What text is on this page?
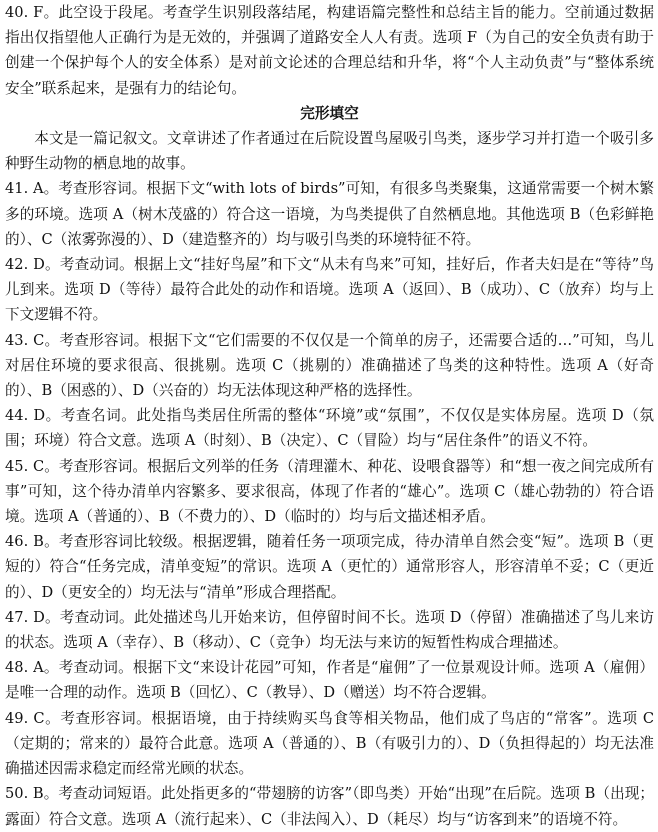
40. F。此空设于段尾。考查学生识别段落结尾，构建语篇完整性和总结主旨的能力。空前通过数据指出仅指望他人正确行为是无效的，并强调了道路安全人人有责。选项 F（为自己的安全负责有助于创建一个保护每个人的安全体系）是对前文论述的合理总结和升华，将“个人主动负责”与“整体系统安全”联系起来，是强有力的结论句。

完形填空

本文是一篇记叙文。文章讲述了作者通过在后院设置鸟屋吸引鸟类，逐步学习并打造一个吸引多种野生动物的栖息地的故事。

41. A。考查形容词。根据下文“with lots of birds”可知，有很多鸟类聚集，这通常需要一个树木繁多的环境。选项 A（树木茂盛的）符合这一语境，为鸟类提供了自然栖息地。其他选项 B（色彩鲜艳的）、C（浓雾弥漫的）、D（建造整齐的）均与吸引鸟类的环境特征不符。

42. D。考查动词。根据上文“挂好鸟屋”和下文“从未有鸟来”可知，挂好后，作者夫妇是在“等待”鸟儿到来。选项 D（等待）最符合此处的动作和语境。选项 A（返回）、B（成功）、C（放弃）均与上下文逻辑不符。

43. C。考查形容词。根据下文“它们需要的不仅仅是一个简单的房子，还需要合适的…”可知，鸟儿对居住环境的要求很高、很挑剔。选项 C（挑剔的）准确描述了鸟类的这种特性。选项 A（好奇的）、B（困惑的）、D（兴奋的）均无法体现这种严格的选择性。

44. D。考查名词。此处指鸟类居住所需的整体“环境”或“氛围”，不仅仅是实体房屋。选项 D（氛围；环境）符合文意。选项 A（时刻）、B（决定）、C（冒险）均与“居住条件”的语义不符。

45. C。考查形容词。根据后文列举的任务（清理灌木、种花、设喂食器等）和“想一夜之间完成所有事”可知，这个待办清单内容繁多、要求很高，体现了作者的“雄心”。选项 C（雄心勃勃的）符合语境。选项 A（普通的）、B（不费力的）、D（临时的）均与后文描述相矛盾。

46. B。考查形容词比较级。根据逻辑，随着任务一项项完成，待办清单自然会变“短”。选项 B（更短的）符合“任务完成，清单变短”的常识。选项 A（更忙的）通常形容人，形容清单不妥；C（更近的）、D（更安全的）均无法与“清单”形成合理搭配。

47. D。考查动词。此处描述鸟儿开始来访，但停留时间不长。选项 D（停留）准确描述了鸟儿来访的状态。选项 A（幸存）、B（移动）、C（竞争）均无法与来访的短暂性构成合理描述。

48. A。考查动词。根据下文“来设计花园”可知，作者是“雇佣”了一位景观设计师。选项 A（雇佣）是唯一合理的动作。选项 B（回忆）、C（教导）、D（赠送）均不符合逻辑。

49. C。考查形容词。根据语境，由于持续购买鸟食等相关物品，他们成了鸟店的“常客”。选项 C（定期的；常来的）最符合此意。选项 A（普通的）、B（有吸引力的）、D（负担得起的）均无法准确描述因需求稳定而经常光顾的状态。

50. B。考查动词短语。此处指更多的“带翅膀的访客”（即鸟类）开始“出现”在后院。选项 B（出现；露面）符合文意。选项 A（流行起来）、C（非法闯入）、D（耗尽）均与“访客到来”的语境不符。
